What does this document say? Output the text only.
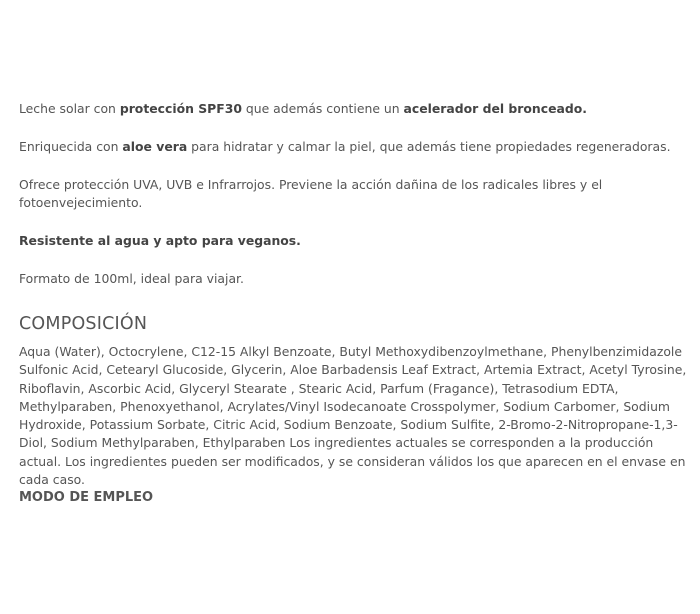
Leche solar con protección SPF30 que además contiene un acelerador del bronceado.

Enriquecida con aloe vera para hidratar y calmar la piel, que además tiene propiedades regeneradoras.

Ofrece protección UVA, UVB e Infrarrojos. Previene la acción dañina de los radicales libres y el fotoenvejecimiento.

Resistente al agua y apto para veganos.

Formato de 100ml, ideal para viajar.

COMPOSICIÓN

Aqua (Water), Octocrylene, C12-15 Alkyl Benzoate, Butyl Methoxydibenzoylmethane, Phenylbenzimidazole Sulfonic Acid, Cetearyl Glucoside, Glycerin, Aloe Barbadensis Leaf Extract, Artemia Extract, Acetyl Tyrosine, Riboflavin, Ascorbic Acid, Glyceryl Stearate , Stearic Acid, Parfum (Fragance), Tetrasodium EDTA, Methylparaben, Phenoxyethanol, Acrylates/Vinyl Isodecanoate Crosspolymer, Sodium Carbomer, Sodium Hydroxide, Potassium Sorbate, Citric Acid, Sodium Benzoate, Sodium Sulfite, 2-Bromo-2-Nitropropane-1,3-Diol, Sodium Methylparaben, Ethylparaben Los ingredientes actuales se corresponden a la producción actual. Los ingredientes pueden ser modificados, y se consideran válidos los que aparecen en el envase en cada caso.

MODO DE EMPLEO
